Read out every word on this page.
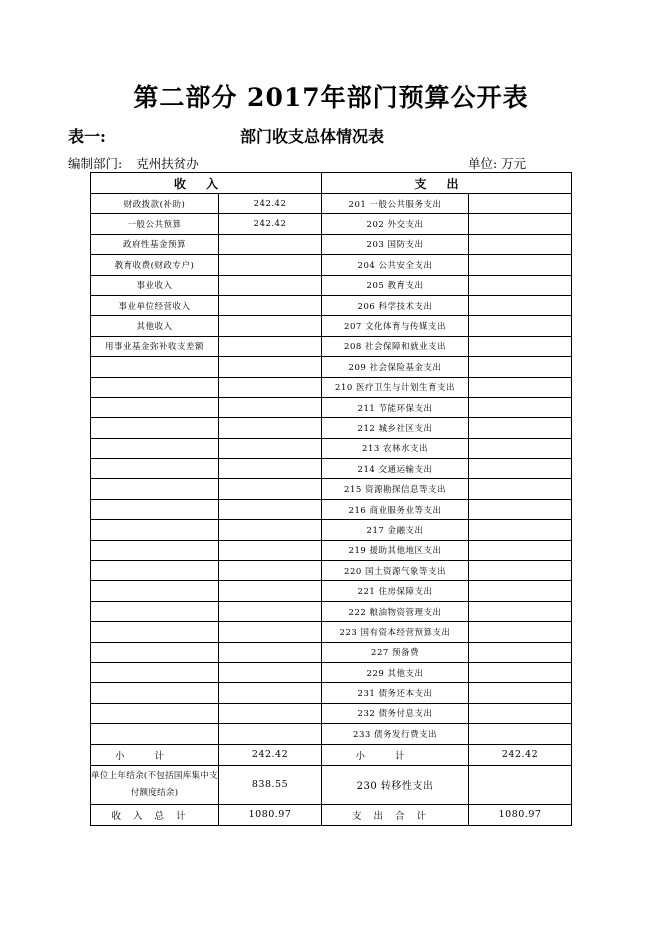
第二部分 2017年部门预算公开表
表一:	部门收支总体情况表
编制部门: 克州扶贫办	单位: 万元
收入		支出	
财政拨款(补助)	242.42	201 一般公共服务支出	
一般公共预算	242.42	202 外交支出	
政府性基金预算		203 国防支出	
教育收费(财政专户)		204 公共安全支出	
事业收入		205 教育支出	
事业单位经营收入		206 科学技术支出	
其他收入		207 文化体育与传媒支出	
用事业基金弥补收支差额		208 社会保障和就业支出	
		209 社会保险基金支出	
		210 医疗卫生与计划生育支出	
		211 节能环保支出	
		212 城乡社区支出	
		213 农林水支出	
		214 交通运输支出	
		215 资源勘探信息等支出	
		216 商业服务业等支出	
		217 金融支出	
		219 援助其他地区支出	
		220 国土资源气象等支出	
		221 住房保障支出	
		222 粮油物资管理支出	
		223 国有资本经营预算支出	
		227 预备费	
		229 其他支出	
		231 债务还本支出	
		232 债务付息支出	
		233 债务发行费支出	
小计	242.42	小计	242.42
单位上年结余(不包括国库集中支付额度结余)	838.55	230 转移性支出	
收入总计	1080.97	支出合计	1080.97
